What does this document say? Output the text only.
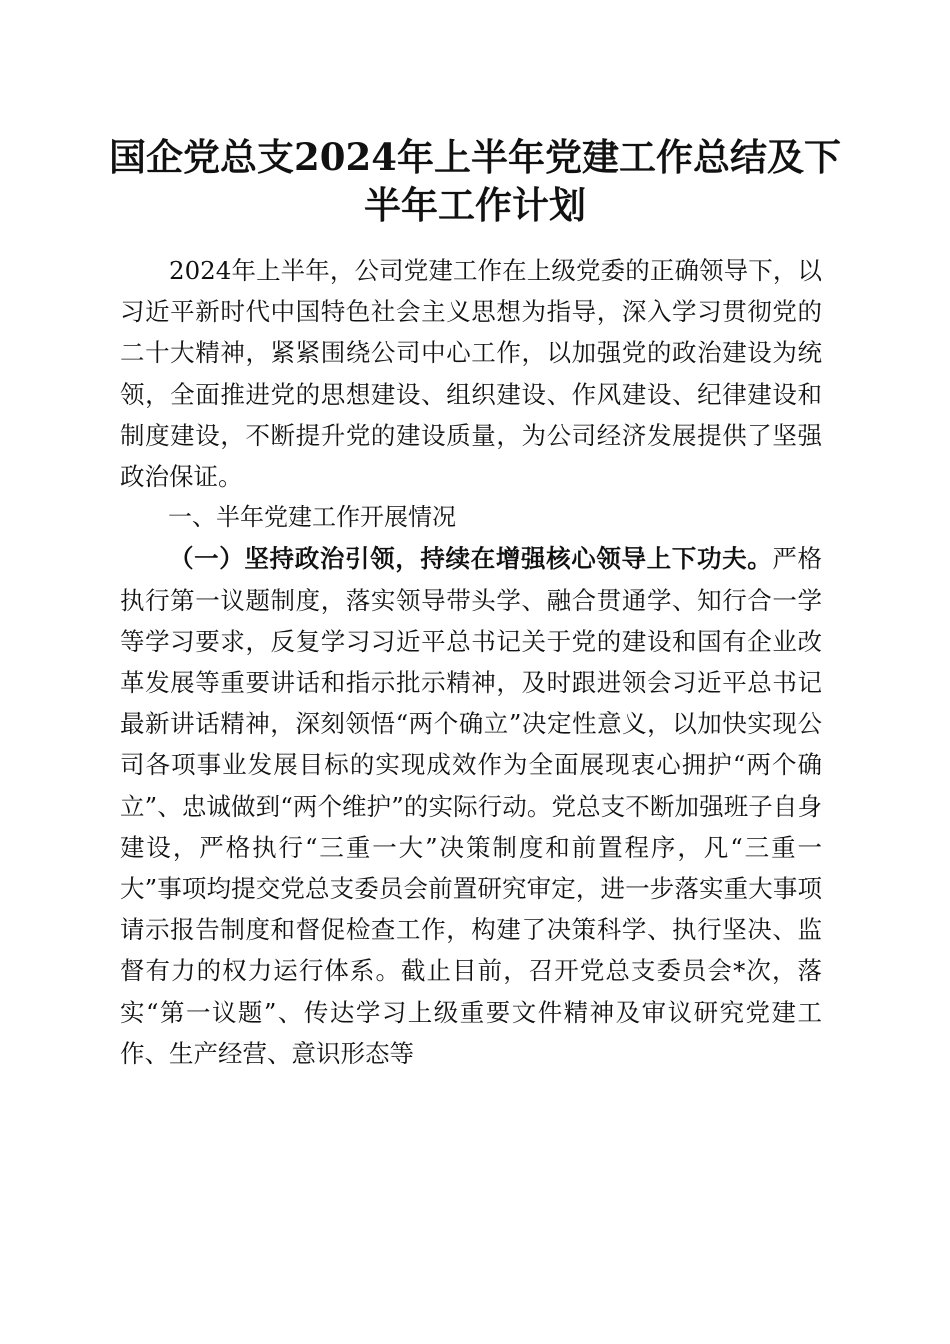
国企党总支2024年上半年党建工作总结及下
半年工作计划

2024年上半年，公司党建工作在上级党委的正确领导下，以习近平新时代中国特色社会主义思想为指导，深入学习贯彻党的二十大精神，紧紧围绕公司中心工作，以加强党的政治建设为统领，全面推进党的思想建设、组织建设、作风建设、纪律建设和制度建设，不断提升党的建设质量，为公司经济发展提供了坚强政治保证。

一、半年党建工作开展情况

（一）坚持政治引领，持续在增强核心领导上下功夫。严格执行第一议题制度，落实领导带头学、融合贯通学、知行合一学等学习要求，反复学习习近平总书记关于党的建设和国有企业改革发展等重要讲话和指示批示精神，及时跟进领会习近平总书记最新讲话精神，深刻领悟“两个确立”决定性意义，以加快实现公司各项事业发展目标的实现成效作为全面展现衷心拥护“两个确立”、忠诚做到“两个维护”的实际行动。党总支不断加强班子自身建设，严格执行“三重一大”决策制度和前置程序，凡“三重一大”事项均提交党总支委员会前置研究审定，进一步落实重大事项请示报告制度和督促检查工作，构建了决策科学、执行坚决、监督有力的权力运行体系。截止目前，召开党总支委员会*次，落实“第一议题”、传达学习上级重要文件精神及审议研究党建工作、生产经营、意识形态等
